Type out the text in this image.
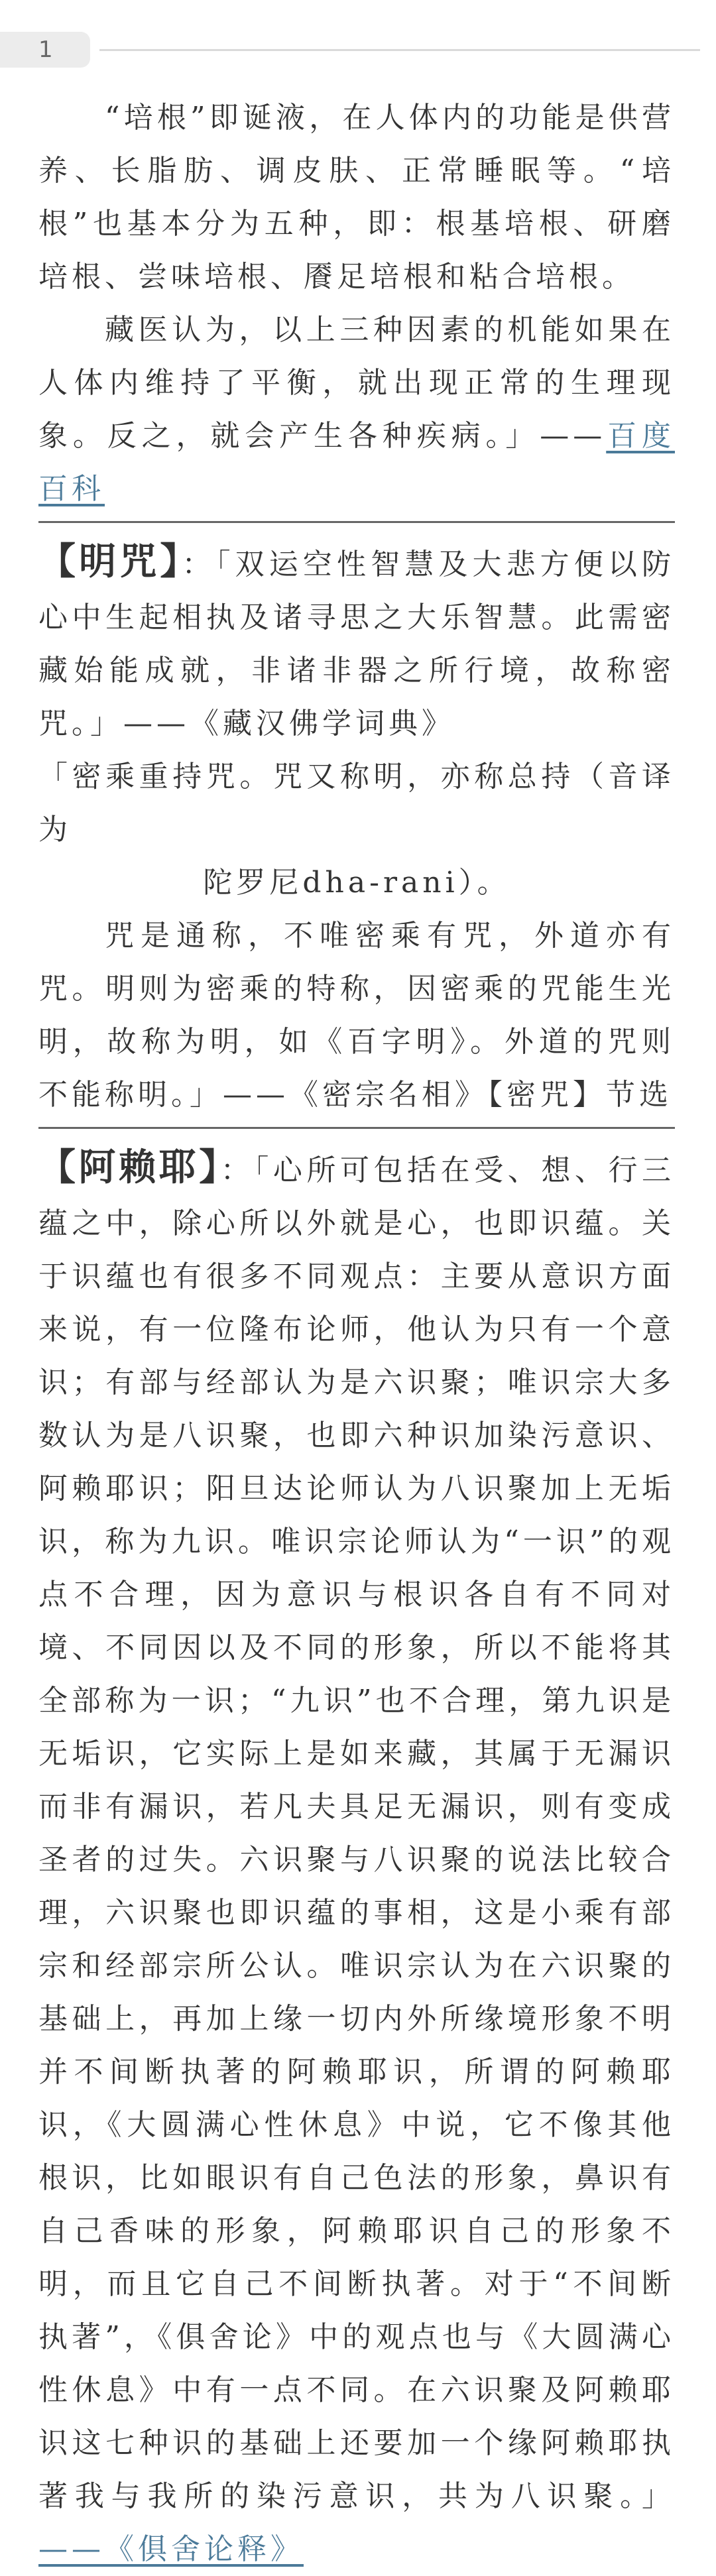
1

“培根”即诞液，在人体内的功能是供营养、长脂肪、调皮肤、正常睡眠等。“培根”也基本分为五种，即：根基培根、研磨培根、尝味培根、餍足培根和粘合培根。

藏医认为，以上三种因素的机能如果在人体内维持了平衡，就出现正常的生理现象。反之，就会产生各种疾病。」——百度百科

【明咒】：「双运空性智慧及大悲方便以防心中生起相执及诸寻思之大乐智慧。此需密藏始能成就，非诸非器之所行境，故称密咒。」——《藏汉佛学词典》

「密乘重持咒。咒又称明，亦称总持（音译为

陀罗尼dha-rani）。

咒是通称，不唯密乘有咒，外道亦有咒。明则为密乘的特称，因密乘的咒能生光明，故称为明，如《百字明》。外道的咒则不能称明。」——《密宗名相》【密咒】节选

【阿赖耶】：「心所可包括在受、想、行三蕴之中，除心所以外就是心，也即识蕴。关于识蕴也有很多不同观点：主要从意识方面来说，有一位隆布论师，他认为只有一个意识；有部与经部认为是六识聚；唯识宗大多数认为是八识聚，也即六种识加染污意识、阿赖耶识；阳旦达论师认为八识聚加上无垢识，称为九识。唯识宗论师认为“一识”的观点不合理，因为意识与根识各自有不同对境、不同因以及不同的形象，所以不能将其全部称为一识；“九识”也不合理，第九识是无垢识，它实际上是如来藏，其属于无漏识而非有漏识，若凡夫具足无漏识，则有变成圣者的过失。六识聚与八识聚的说法比较合理，六识聚也即识蕴的事相，这是小乘有部宗和经部宗所公认。唯识宗认为在六识聚的基础上，再加上缘一切内外所缘境形象不明并不间断执著的阿赖耶识，所谓的阿赖耶识，《大圆满心性休息》中说，它不像其他根识，比如眼识有自己色法的形象，鼻识有自己香味的形象，阿赖耶识自己的形象不明，而且它自己不间断执著。对于“不间断执著”，《俱舍论》中的观点也与《大圆满心性休息》中有一点不同。在六识聚及阿赖耶识这七种识的基础上还要加一个缘阿赖耶执著我与我所的染污意识，共为八识聚。」——《俱舍论释》
